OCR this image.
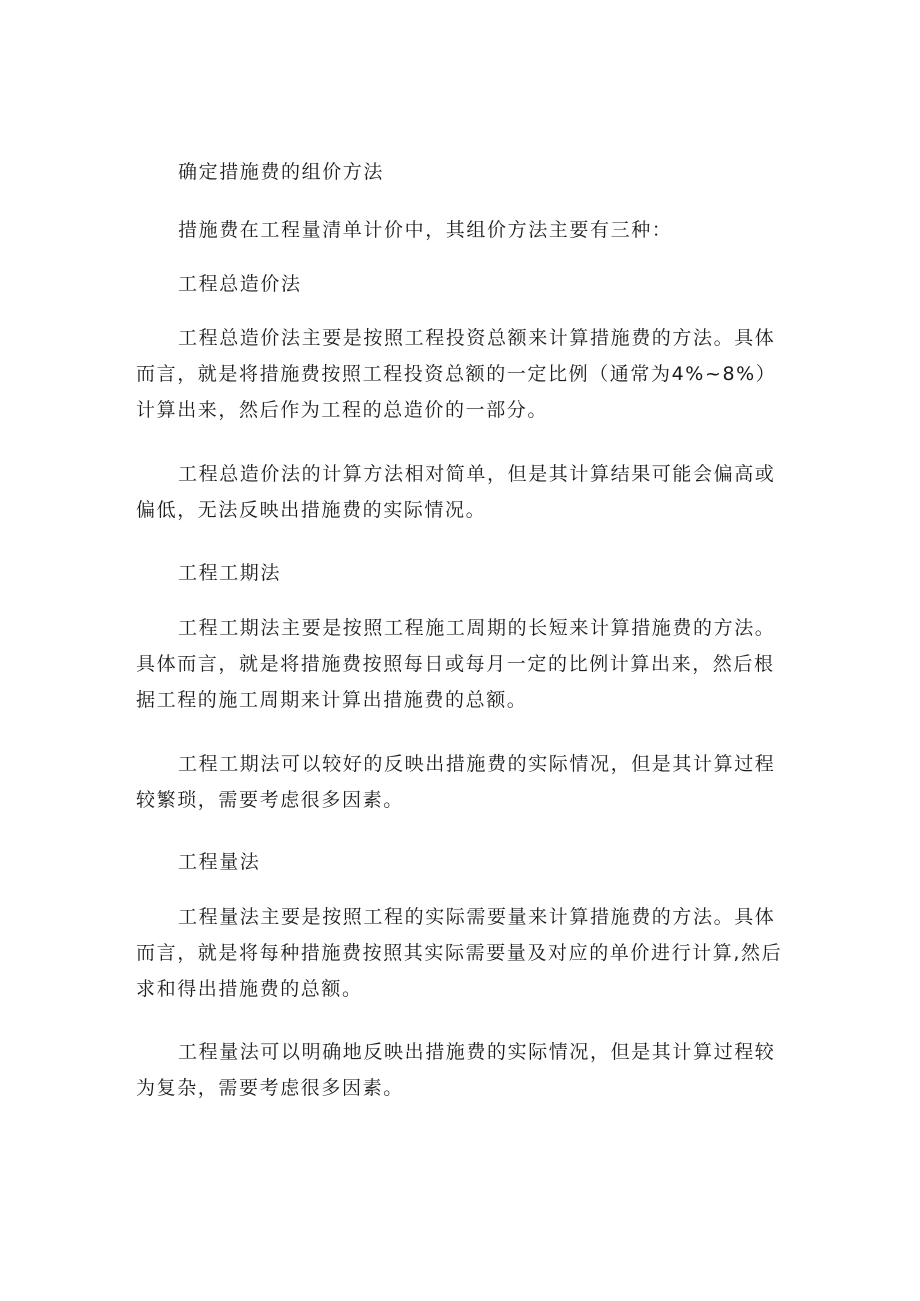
确定措施费的组价方法

措施费在工程量清单计价中，其组价方法主要有三种：

工程总造价法

工程总造价法主要是按照工程投资总额来计算措施费的方法。具体而言，就是将措施费按照工程投资总额的一定比例（通常为4%~8%）计算出来，然后作为工程的总造价的一部分。

工程总造价法的计算方法相对简单，但是其计算结果可能会偏高或偏低，无法反映出措施费的实际情况。

工程工期法

工程工期法主要是按照工程施工周期的长短来计算措施费的方法。具体而言，就是将措施费按照每日或每月一定的比例计算出来，然后根据工程的施工周期来计算出措施费的总额。

工程工期法可以较好的反映出措施费的实际情况，但是其计算过程较繁琐，需要考虑很多因素。

工程量法

工程量法主要是按照工程的实际需要量来计算措施费的方法。具体而言，就是将每种措施费按照其实际需要量及对应的单价进行计算,然后求和得出措施费的总额。

工程量法可以明确地反映出措施费的实际情况，但是其计算过程较为复杂，需要考虑很多因素。
